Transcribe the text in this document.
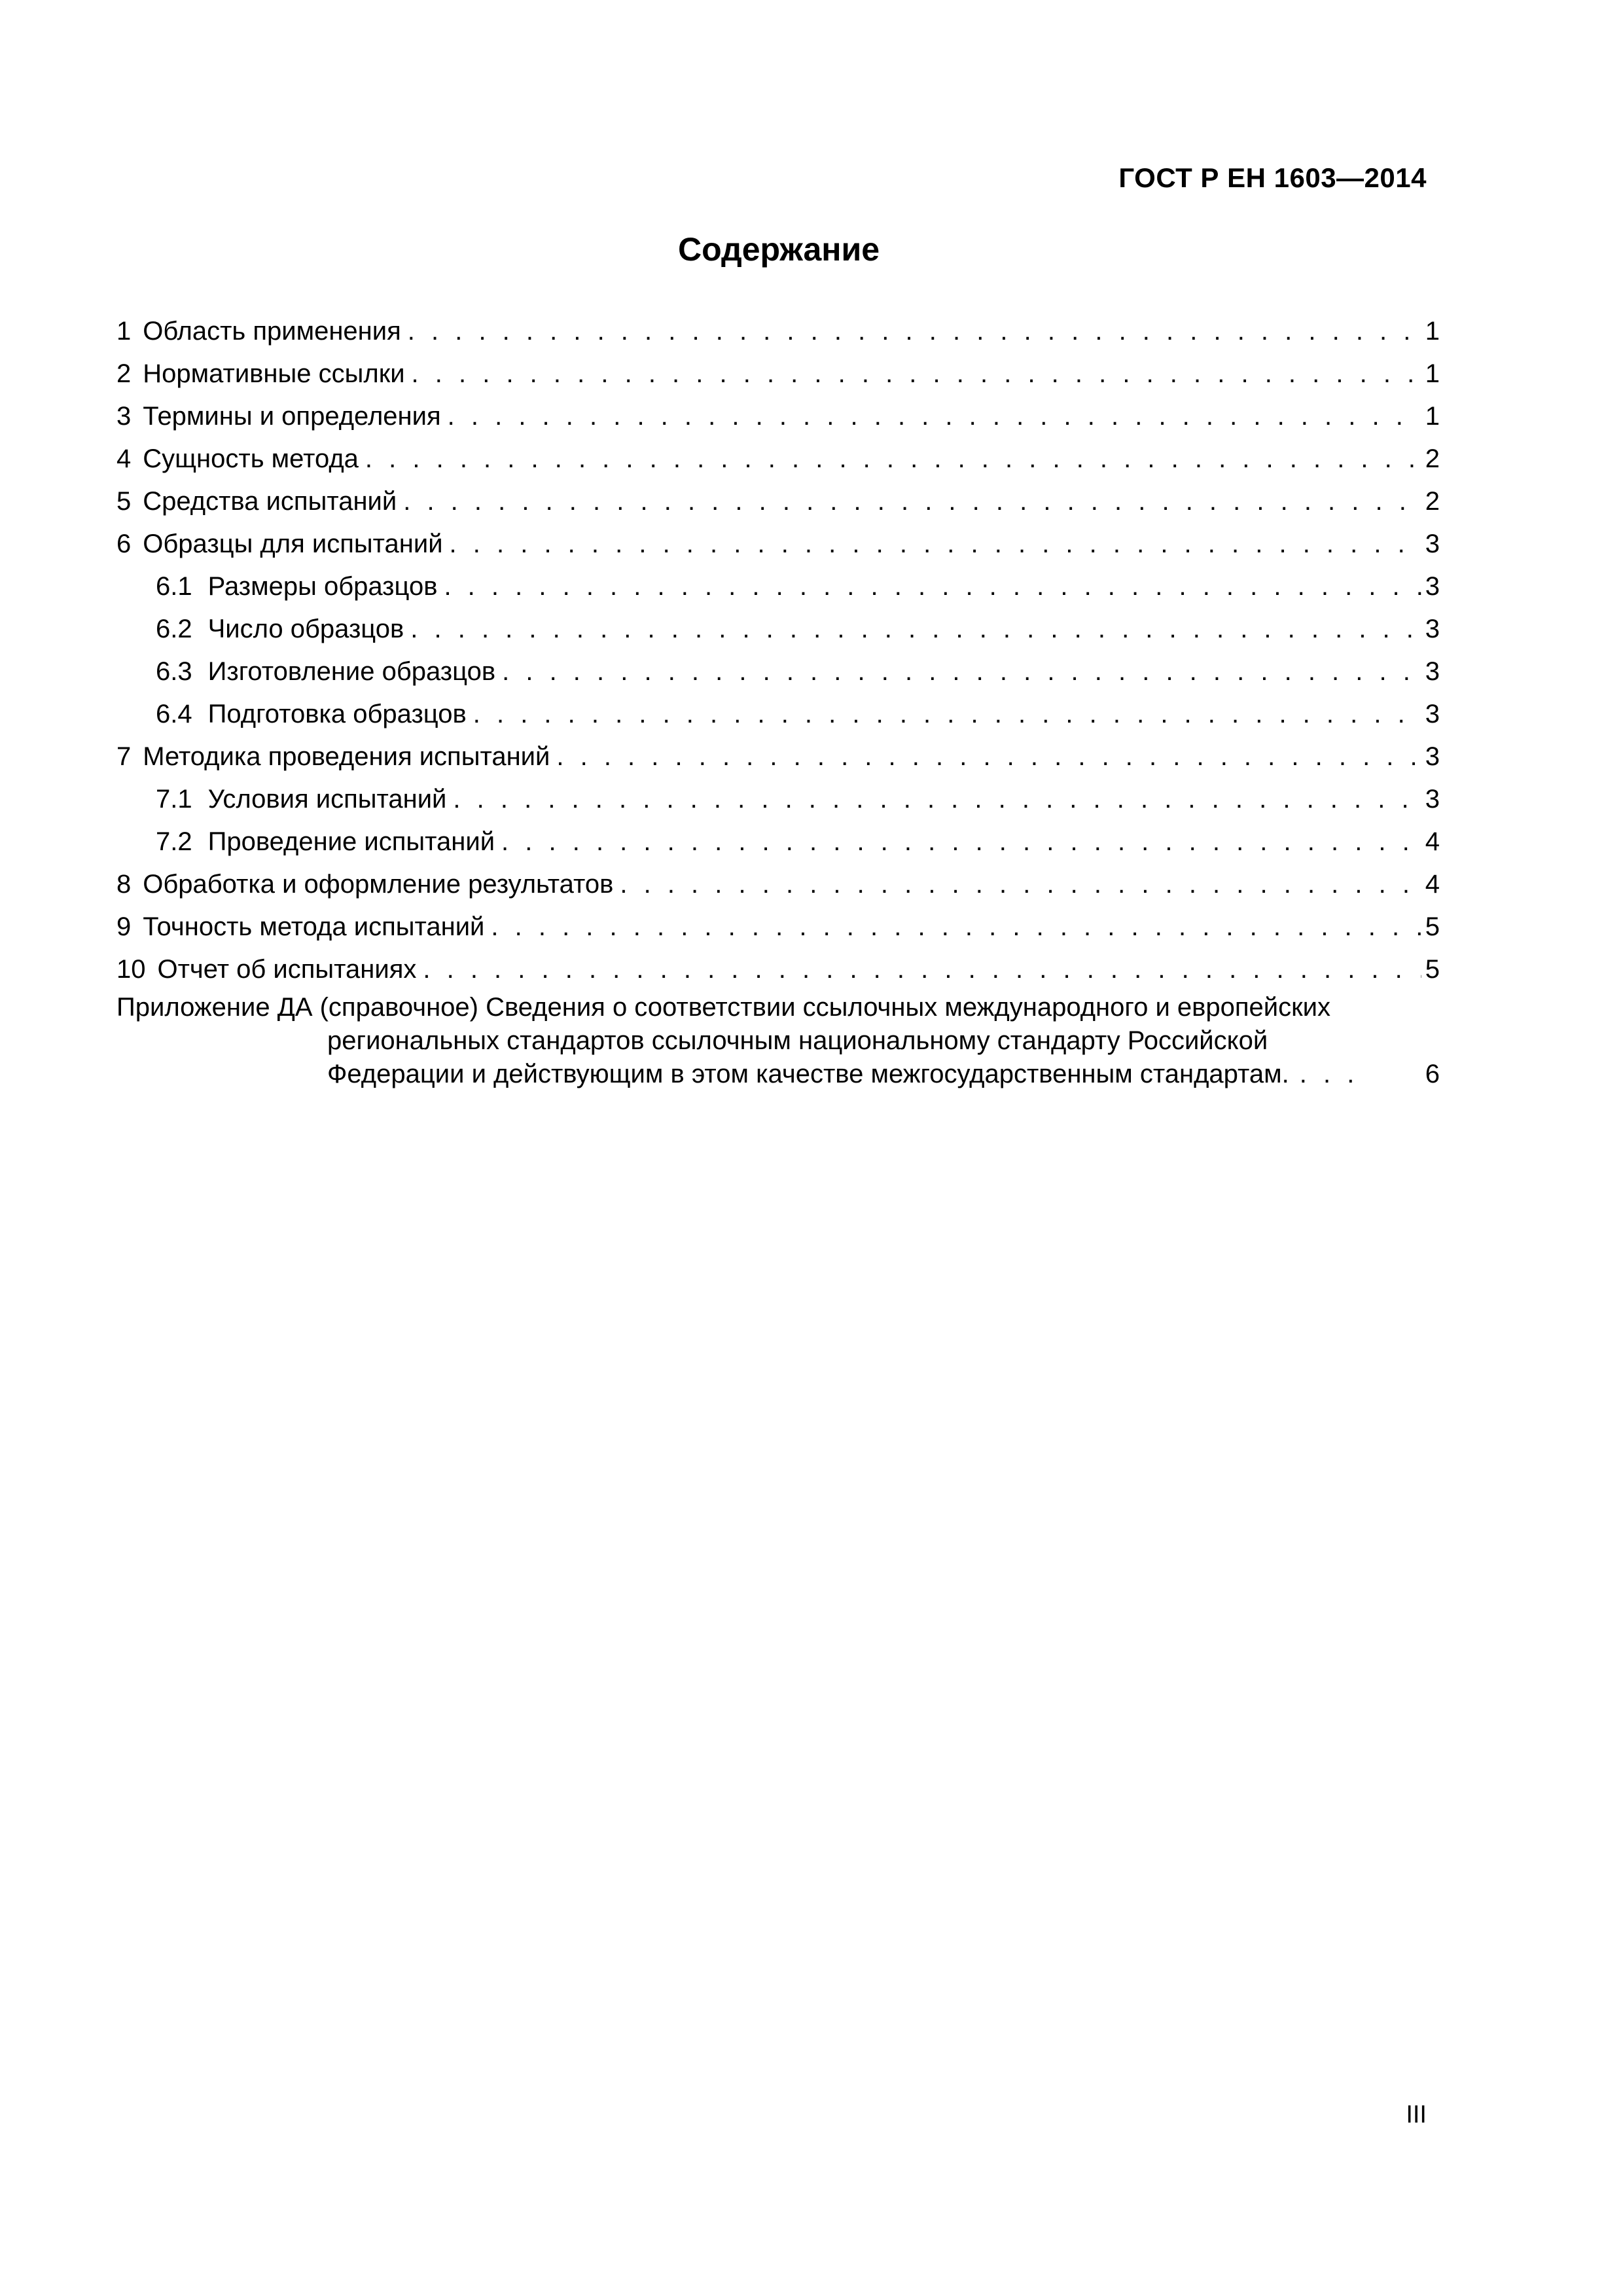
ГОСТ Р ЕН 1603—2014
Содержание
1 Область применения . . .	1
2 Нормативные ссылки . . .	1
3 Термины и определения . . .	1
4 Сущность метода . . .	2
5 Средства испытаний . . .	2
6 Образцы для испытаний . . .	3
6.1 Размеры образцов . . .	3
6.2 Число образцов . . .	3
6.3 Изготовление образцов . . .	3
6.4 Подготовка образцов . . .	3
7 Методика проведения испытаний . . .	3
7.1 Условия испытаний . . .	3
7.2 Проведение испытаний . . .	4
8 Обработка и оформление результатов . . .	4
9 Точность метода испытаний . . .	5
10 Отчет об испытаниях . . .	5
Приложение ДА (справочное) Сведения о соответствии ссылочных международного и европейских
региональных стандартов ссылочным национальному стандарту Российской
Федерации и действующим в этом качестве межгосударственным стандартам. . . .	6
III
